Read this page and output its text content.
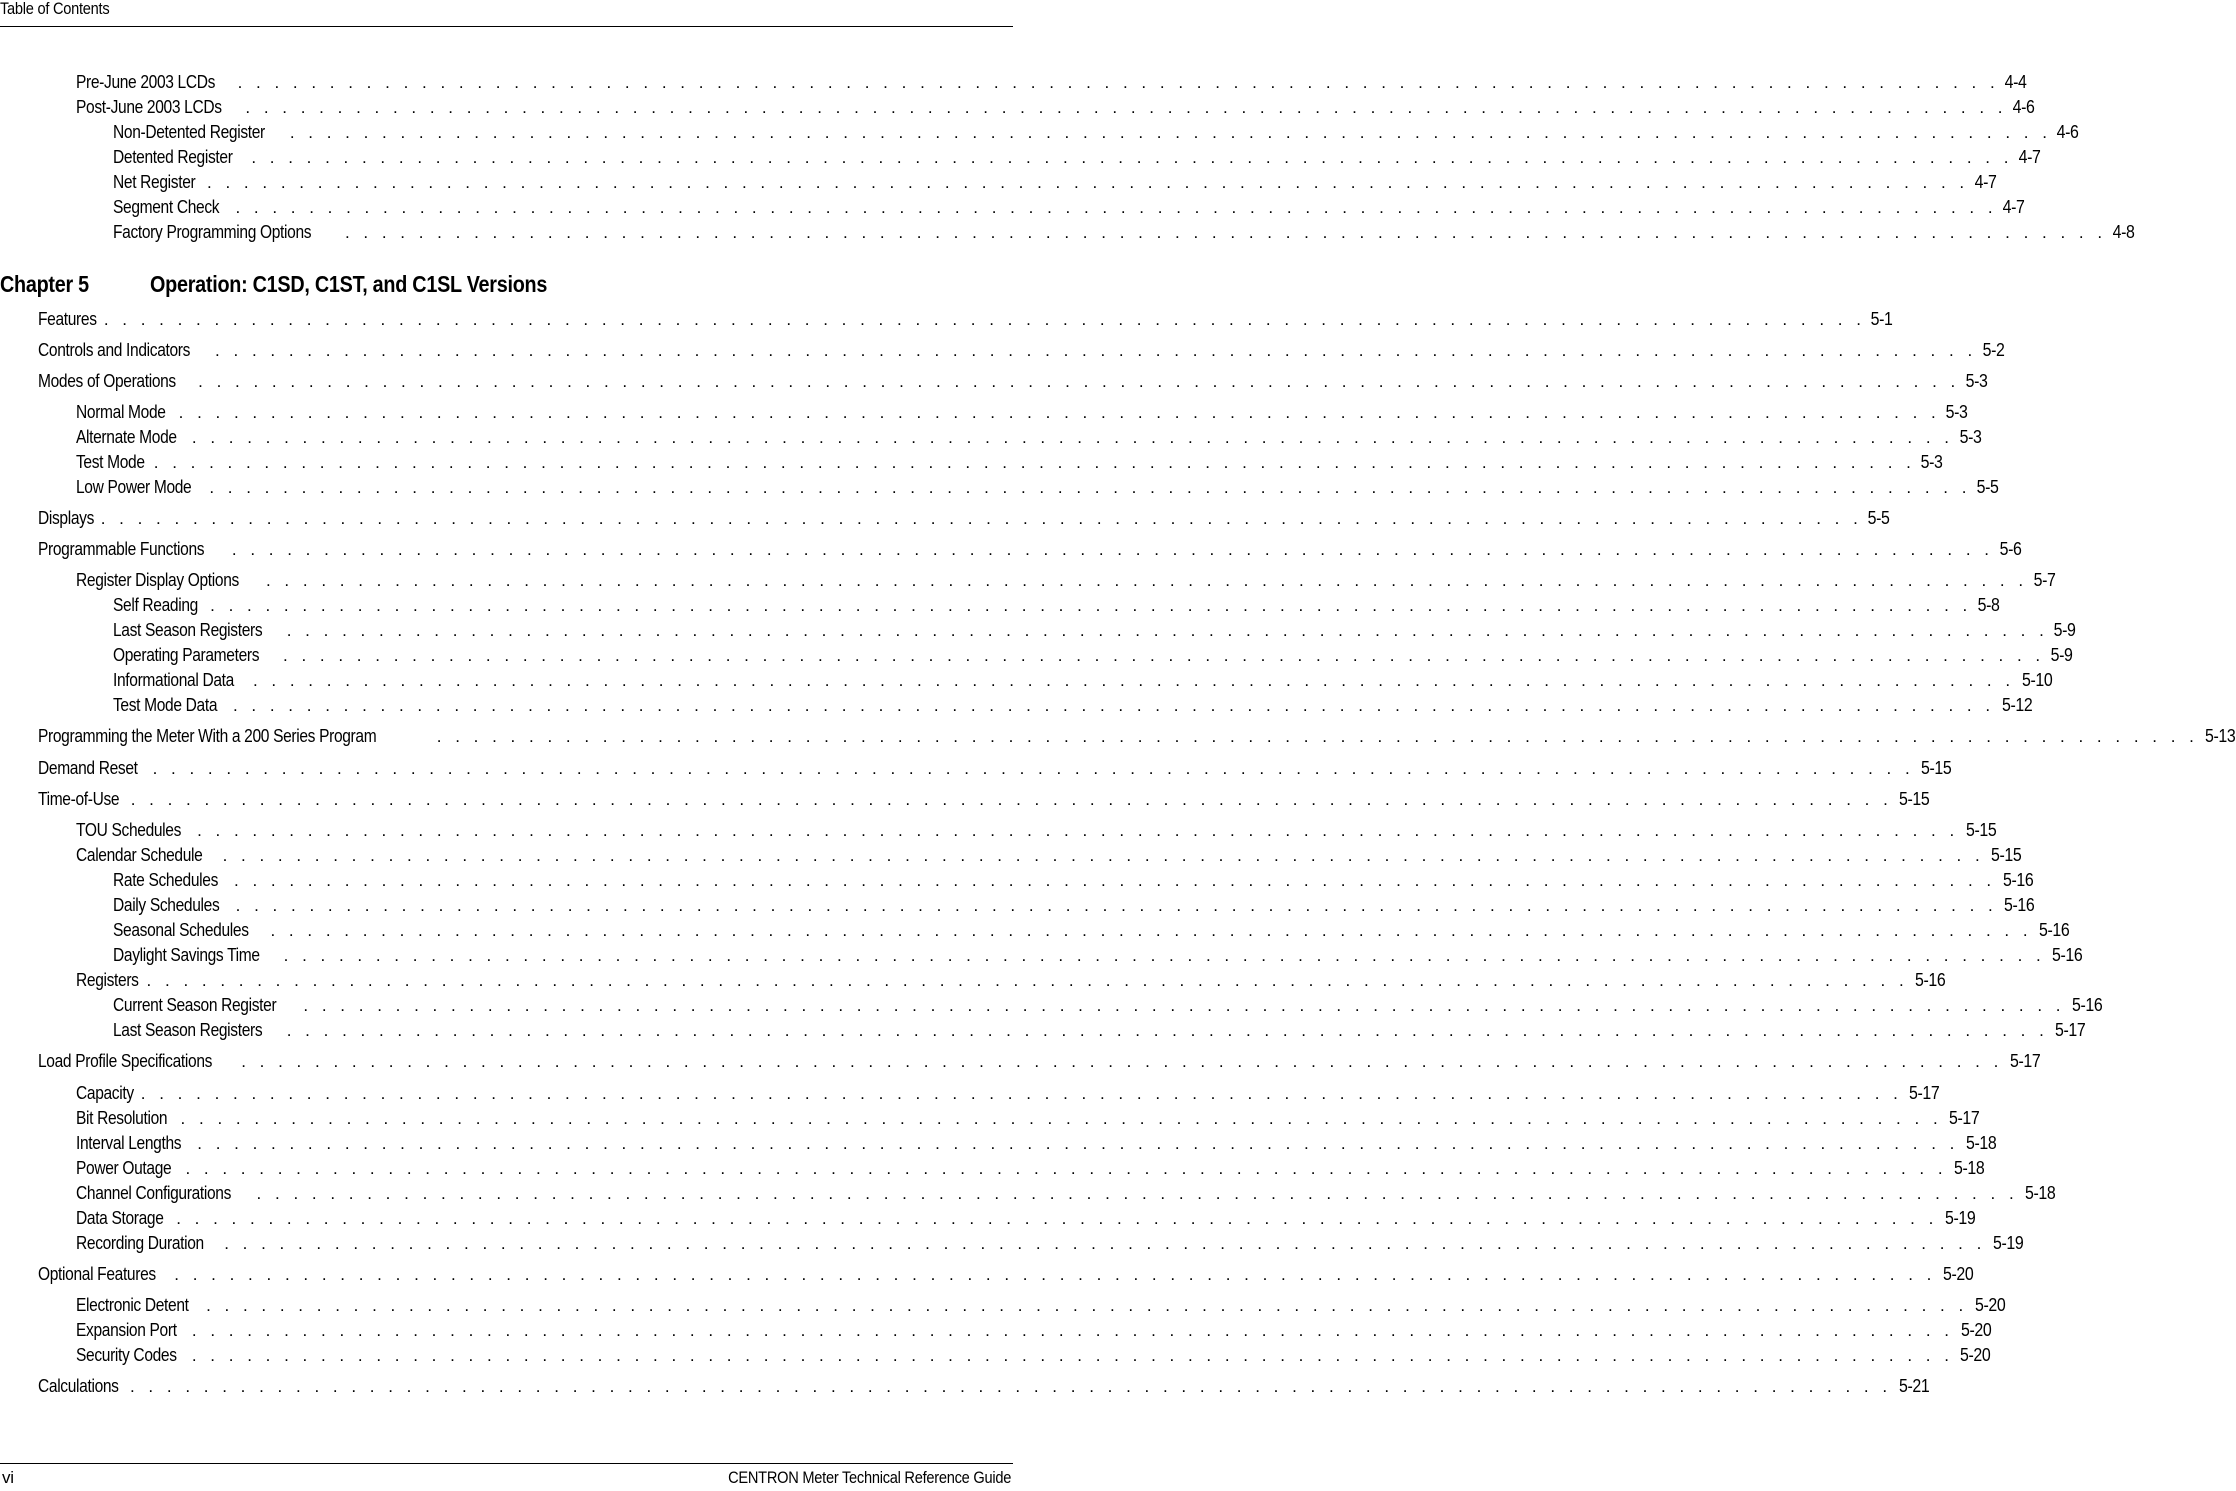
Table of Contents
Pre-June 2003 LCDs . . . . . . . . . . . . . . . . . . . . . . . . . . . . . . . . . . . . . . . . . . . . . . . . . . . . . . . . . . . . . . . . . . . . . . . . . . . . . . . . . . . . . . . . . . . . . . . . 4-4
Post-June 2003 LCDs . . . . . . . . . . . . . . . . . . . . . . . . . . . . . . . . . . . . . . . . . . . . . . . . . . . . . . . . . . . . . . . . . . . . . . . . . . . . . . . . . . . . . . . . . . . . . . . . 4-6
Non-Detented Register . . . . . . . . . . . . . . . . . . . . . . . . . . . . . . . . . . . . . . . . . . . . . . . . . . . . . . . . . . . . . . . . . . . . . . . . . . . . . . . . . . . . . . . . . . . . . . . . 4-6
Detented Register . . . . . . . . . . . . . . . . . . . . . . . . . . . . . . . . . . . . . . . . . . . . . . . . . . . . . . . . . . . . . . . . . . . . . . . . . . . . . . . . . . . . . . . . . . . . . . . . 4-7
Net Register . . . . . . . . . . . . . . . . . . . . . . . . . . . . . . . . . . . . . . . . . . . . . . . . . . . . . . . . . . . . . . . . . . . . . . . . . . . . . . . . . . . . . . . . . . . . . . . . 4-7
Segment Check . . . . . . . . . . . . . . . . . . . . . . . . . . . . . . . . . . . . . . . . . . . . . . . . . . . . . . . . . . . . . . . . . . . . . . . . . . . . . . . . . . . . . . . . . . . . . . . . 4-7
Factory Programming Options . . . . . . . . . . . . . . . . . . . . . . . . . . . . . . . . . . . . . . . . . . . . . . . . . . . . . . . . . . . . . . . . . . . . . . . . . . . . . . . . . . . . . . . . . . . . . . . . 4-8
Chapter 5	Operation: C1SD, C1ST, and C1SL Versions
Features . . . . . . . . . . . . . . . . . . . . . . . . . . . . . . . . . . . . . . . . . . . . . . . . . . . . . . . . . . . . . . . . . . . . . . . . . . . . . . . . . . . . . . . . . . . . . . . . 5-1
Controls and Indicators . . . . . . . . . . . . . . . . . . . . . . . . . . . . . . . . . . . . . . . . . . . . . . . . . . . . . . . . . . . . . . . . . . . . . . . . . . . . . . . . . . . . . . . . . . . . . . . . 5-2
Modes of Operations . . . . . . . . . . . . . . . . . . . . . . . . . . . . . . . . . . . . . . . . . . . . . . . . . . . . . . . . . . . . . . . . . . . . . . . . . . . . . . . . . . . . . . . . . . . . . . . . 5-3
Normal Mode . . . . . . . . . . . . . . . . . . . . . . . . . . . . . . . . . . . . . . . . . . . . . . . . . . . . . . . . . . . . . . . . . . . . . . . . . . . . . . . . . . . . . . . . . . . . . . . . 5-3
Alternate Mode . . . . . . . . . . . . . . . . . . . . . . . . . . . . . . . . . . . . . . . . . . . . . . . . . . . . . . . . . . . . . . . . . . . . . . . . . . . . . . . . . . . . . . . . . . . . . . . . 5-3
Test Mode . . . . . . . . . . . . . . . . . . . . . . . . . . . . . . . . . . . . . . . . . . . . . . . . . . . . . . . . . . . . . . . . . . . . . . . . . . . . . . . . . . . . . . . . . . . . . . . . 5-3
Low Power Mode . . . . . . . . . . . . . . . . . . . . . . . . . . . . . . . . . . . . . . . . . . . . . . . . . . . . . . . . . . . . . . . . . . . . . . . . . . . . . . . . . . . . . . . . . . . . . . . . 5-5
Displays . . . . . . . . . . . . . . . . . . . . . . . . . . . . . . . . . . . . . . . . . . . . . . . . . . . . . . . . . . . . . . . . . . . . . . . . . . . . . . . . . . . . . . . . . . . . . . . . 5-5
Programmable Functions . . . . . . . . . . . . . . . . . . . . . . . . . . . . . . . . . . . . . . . . . . . . . . . . . . . . . . . . . . . . . . . . . . . . . . . . . . . . . . . . . . . . . . . . . . . . . . . . 5-6
Register Display Options . . . . . . . . . . . . . . . . . . . . . . . . . . . . . . . . . . . . . . . . . . . . . . . . . . . . . . . . . . . . . . . . . . . . . . . . . . . . . . . . . . . . . . . . . . . . . . . . 5-7
Self Reading . . . . . . . . . . . . . . . . . . . . . . . . . . . . . . . . . . . . . . . . . . . . . . . . . . . . . . . . . . . . . . . . . . . . . . . . . . . . . . . . . . . . . . . . . . . . . . . . 5-8
Last Season Registers . . . . . . . . . . . . . . . . . . . . . . . . . . . . . . . . . . . . . . . . . . . . . . . . . . . . . . . . . . . . . . . . . . . . . . . . . . . . . . . . . . . . . . . . . . . . . . . . 5-9
Operating Parameters . . . . . . . . . . . . . . . . . . . . . . . . . . . . . . . . . . . . . . . . . . . . . . . . . . . . . . . . . . . . . . . . . . . . . . . . . . . . . . . . . . . . . . . . . . . . . . . . 5-9
Informational Data . . . . . . . . . . . . . . . . . . . . . . . . . . . . . . . . . . . . . . . . . . . . . . . . . . . . . . . . . . . . . . . . . . . . . . . . . . . . . . . . . . . . . . . . . . . . . . . . 5-10
Test Mode Data . . . . . . . . . . . . . . . . . . . . . . . . . . . . . . . . . . . . . . . . . . . . . . . . . . . . . . . . . . . . . . . . . . . . . . . . . . . . . . . . . . . . . . . . . . . . . . . . 5-12
Programming the Meter With a 200 Series Program	. . . . . . . . . . . . . . . . . . . . . . . . . . . . . . . . . . . . . . . . . . . . . . . . . . . . . . . . . . . . . . . . . . . . . . . . . . . . . . . . . . . . . . . . . . . . . . . . 5-13
Demand Reset . . . . . . . . . . . . . . . . . . . . . . . . . . . . . . . . . . . . . . . . . . . . . . . . . . . . . . . . . . . . . . . . . . . . . . . . . . . . . . . . . . . . . . . . . . . . . . . . 5-15
Time-of-Use . . . . . . . . . . . . . . . . . . . . . . . . . . . . . . . . . . . . . . . . . . . . . . . . . . . . . . . . . . . . . . . . . . . . . . . . . . . . . . . . . . . . . . . . . . . . . . . . 5-15
TOU Schedules . . . . . . . . . . . . . . . . . . . . . . . . . . . . . . . . . . . . . . . . . . . . . . . . . . . . . . . . . . . . . . . . . . . . . . . . . . . . . . . . . . . . . . . . . . . . . . . . 5-15
Calendar Schedule . . . . . . . . . . . . . . . . . . . . . . . . . . . . . . . . . . . . . . . . . . . . . . . . . . . . . . . . . . . . . . . . . . . . . . . . . . . . . . . . . . . . . . . . . . . . . . . . 5-15
Rate Schedules . . . . . . . . . . . . . . . . . . . . . . . . . . . . . . . . . . . . . . . . . . . . . . . . . . . . . . . . . . . . . . . . . . . . . . . . . . . . . . . . . . . . . . . . . . . . . . . . 5-16
Daily Schedules . . . . . . . . . . . . . . . . . . . . . . . . . . . . . . . . . . . . . . . . . . . . . . . . . . . . . . . . . . . . . . . . . . . . . . . . . . . . . . . . . . . . . . . . . . . . . . . . 5-16
Seasonal Schedules . . . . . . . . . . . . . . . . . . . . . . . . . . . . . . . . . . . . . . . . . . . . . . . . . . . . . . . . . . . . . . . . . . . . . . . . . . . . . . . . . . . . . . . . . . . . . . . . 5-16
Daylight Savings Time . . . . . . . . . . . . . . . . . . . . . . . . . . . . . . . . . . . . . . . . . . . . . . . . . . . . . . . . . . . . . . . . . . . . . . . . . . . . . . . . . . . . . . . . . . . . . . . . 5-16
Registers . . . . . . . . . . . . . . . . . . . . . . . . . . . . . . . . . . . . . . . . . . . . . . . . . . . . . . . . . . . . . . . . . . . . . . . . . . . . . . . . . . . . . . . . . . . . . . . . 5-16
Current Season Register . . . . . . . . . . . . . . . . . . . . . . . . . . . . . . . . . . . . . . . . . . . . . . . . . . . . . . . . . . . . . . . . . . . . . . . . . . . . . . . . . . . . . . . . . . . . . . . . 5-16
Last Season Registers . . . . . . . . . . . . . . . . . . . . . . . . . . . . . . . . . . . . . . . . . . . . . . . . . . . . . . . . . . . . . . . . . . . . . . . . . . . . . . . . . . . . . . . . . . . . . . . . 5-17
Load Profile Specifications . . . . . . . . . . . . . . . . . . . . . . . . . . . . . . . . . . . . . . . . . . . . . . . . . . . . . . . . . . . . . . . . . . . . . . . . . . . . . . . . . . . . . . . . . . . . . . . . 5-17
Capacity . . . . . . . . . . . . . . . . . . . . . . . . . . . . . . . . . . . . . . . . . . . . . . . . . . . . . . . . . . . . . . . . . . . . . . . . . . . . . . . . . . . . . . . . . . . . . . . . 5-17
Bit Resolution . . . . . . . . . . . . . . . . . . . . . . . . . . . . . . . . . . . . . . . . . . . . . . . . . . . . . . . . . . . . . . . . . . . . . . . . . . . . . . . . . . . . . . . . . . . . . . . . 5-17
Interval Lengths . . . . . . . . . . . . . . . . . . . . . . . . . . . . . . . . . . . . . . . . . . . . . . . . . . . . . . . . . . . . . . . . . . . . . . . . . . . . . . . . . . . . . . . . . . . . . . . . 5-18
Power Outage . . . . . . . . . . . . . . . . . . . . . . . . . . . . . . . . . . . . . . . . . . . . . . . . . . . . . . . . . . . . . . . . . . . . . . . . . . . . . . . . . . . . . . . . . . . . . . . . 5-18
Channel Configurations . . . . . . . . . . . . . . . . . . . . . . . . . . . . . . . . . . . . . . . . . . . . . . . . . . . . . . . . . . . . . . . . . . . . . . . . . . . . . . . . . . . . . . . . . . . . . . . . 5-18
Data Storage . . . . . . . . . . . . . . . . . . . . . . . . . . . . . . . . . . . . . . . . . . . . . . . . . . . . . . . . . . . . . . . . . . . . . . . . . . . . . . . . . . . . . . . . . . . . . . . . 5-19
Recording Duration . . . . . . . . . . . . . . . . . . . . . . . . . . . . . . . . . . . . . . . . . . . . . . . . . . . . . . . . . . . . . . . . . . . . . . . . . . . . . . . . . . . . . . . . . . . . . . . . 5-19
Optional Features . . . . . . . . . . . . . . . . . . . . . . . . . . . . . . . . . . . . . . . . . . . . . . . . . . . . . . . . . . . . . . . . . . . . . . . . . . . . . . . . . . . . . . . . . . . . . . . . 5-20
Electronic Detent . . . . . . . . . . . . . . . . . . . . . . . . . . . . . . . . . . . . . . . . . . . . . . . . . . . . . . . . . . . . . . . . . . . . . . . . . . . . . . . . . . . . . . . . . . . . . . . . 5-20
Expansion Port . . . . . . . . . . . . . . . . . . . . . . . . . . . . . . . . . . . . . . . . . . . . . . . . . . . . . . . . . . . . . . . . . . . . . . . . . . . . . . . . . . . . . . . . . . . . . . . . 5-20
Security Codes . . . . . . . . . . . . . . . . . . . . . . . . . . . . . . . . . . . . . . . . . . . . . . . . . . . . . . . . . . . . . . . . . . . . . . . . . . . . . . . . . . . . . . . . . . . . . . . . 5-20
Calculations . . . . . . . . . . . . . . . . . . . . . . . . . . . . . . . . . . . . . . . . . . . . . . . . . . . . . . . . . . . . . . . . . . . . . . . . . . . . . . . . . . . . . . . . . . . . . . . . 5-21
vi	CENTRON Meter Technical Reference Guide
